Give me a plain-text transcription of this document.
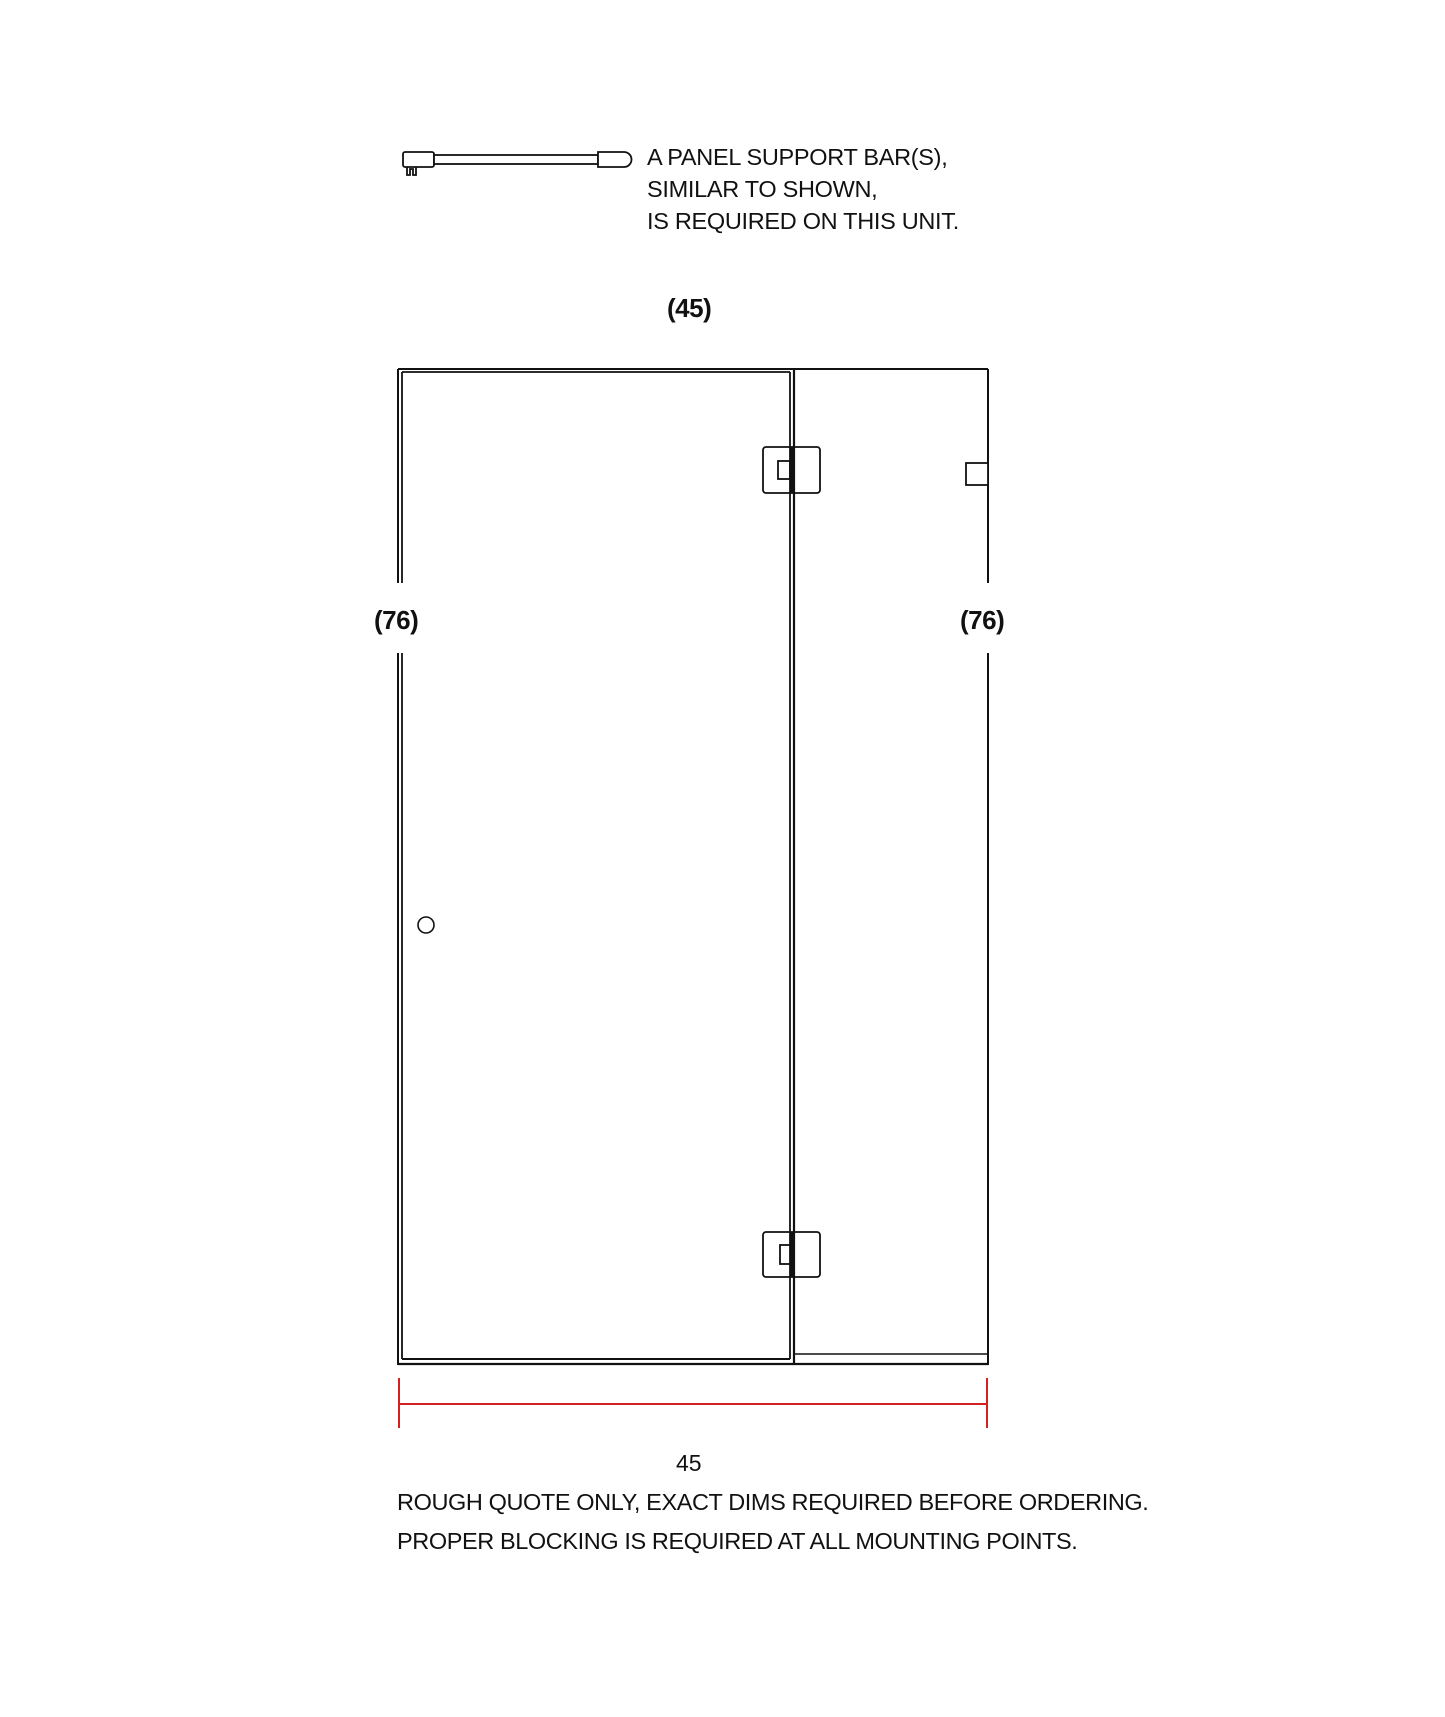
A PANEL SUPPORT BAR(S),
SIMILAR TO SHOWN,
IS REQUIRED ON THIS UNIT.
(45)
(76)	(76)
45
ROUGH QUOTE ONLY, EXACT DIMS REQUIRED BEFORE ORDERING.
PROPER BLOCKING IS REQUIRED AT ALL MOUNTING POINTS.
